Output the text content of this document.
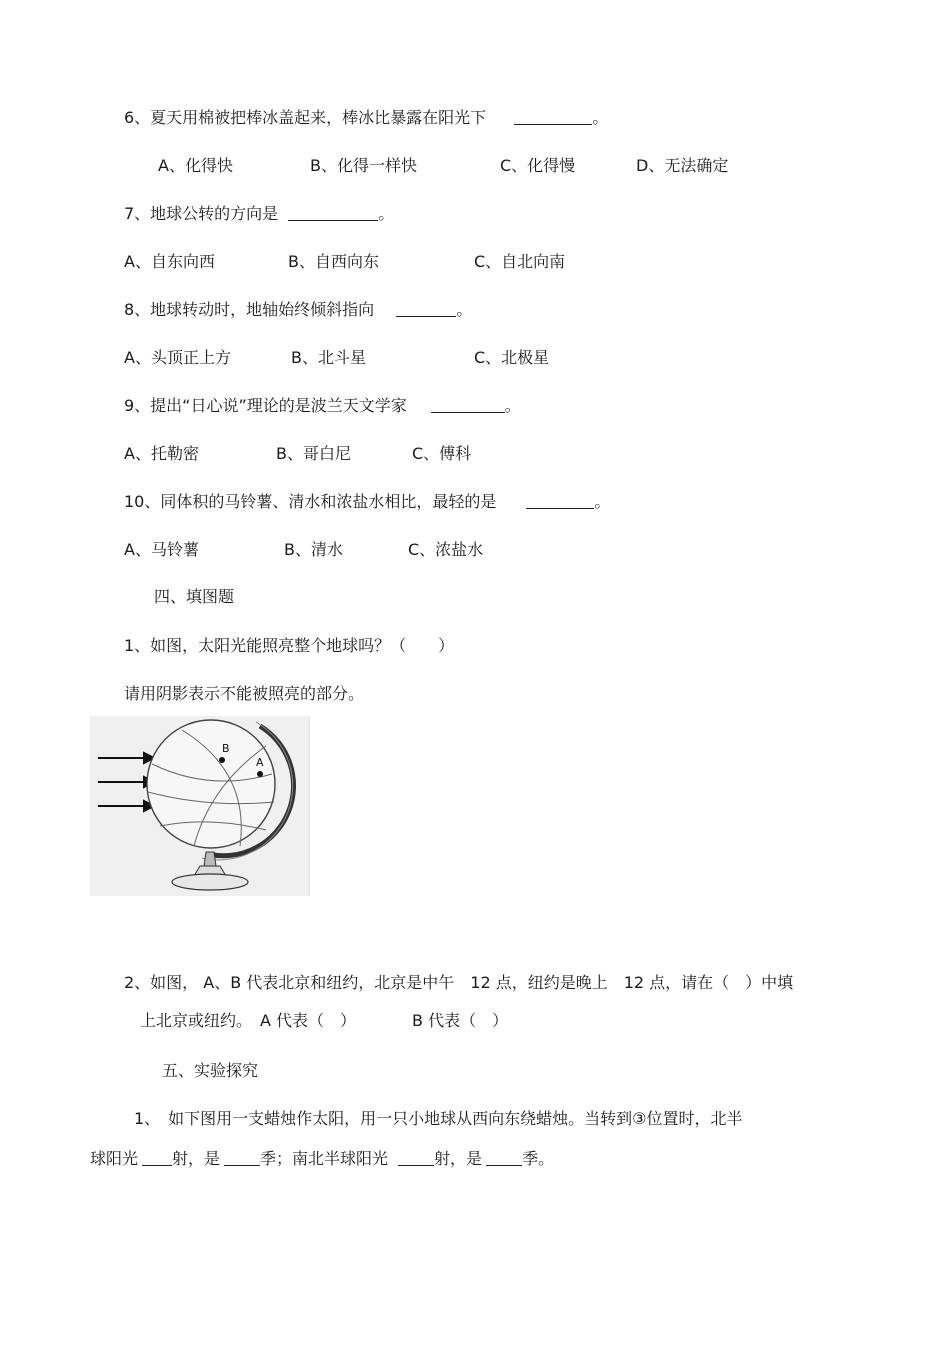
6、夏天用棉被把棒冰盖起来，棒冰比暴露在阳光下	。
A、化得快	B、化得一样快	C、化得慢	D、无法确定
7、地球公转的方向是	。
A、自东向西	B、自西向东	C、自北向南
8、地球转动时，地轴始终倾斜指向	。
A、头顶正上方	B、北斗星	C、北极星
9、提出“日心说”理论的是波兰天文学家	。
A、托勒密	B、哥白尼	C、傅科
10、同体积的马铃薯、清水和浓盐水相比，最轻的是	。
A、马铃薯	B、清水	C、浓盐水
四、填图题
1、如图，太阳光能照亮整个地球吗？（　　）
请用阴影表示不能被照亮的部分。
B
A
2、如图， A、B 代表北京和纽约，北京是中午　12 点，纽约是晚上　12 点，请在（　）中填
上北京或纽约。　A 代表（　）　　　　B 代表（　）
五、实验探究
1、　如下图用一支蜡烛作太阳，用一只小地球从西向东绕蜡烛。当转到③位置时，北半
球阳光 射，是	季；南北半球阳光	射，是	季。
